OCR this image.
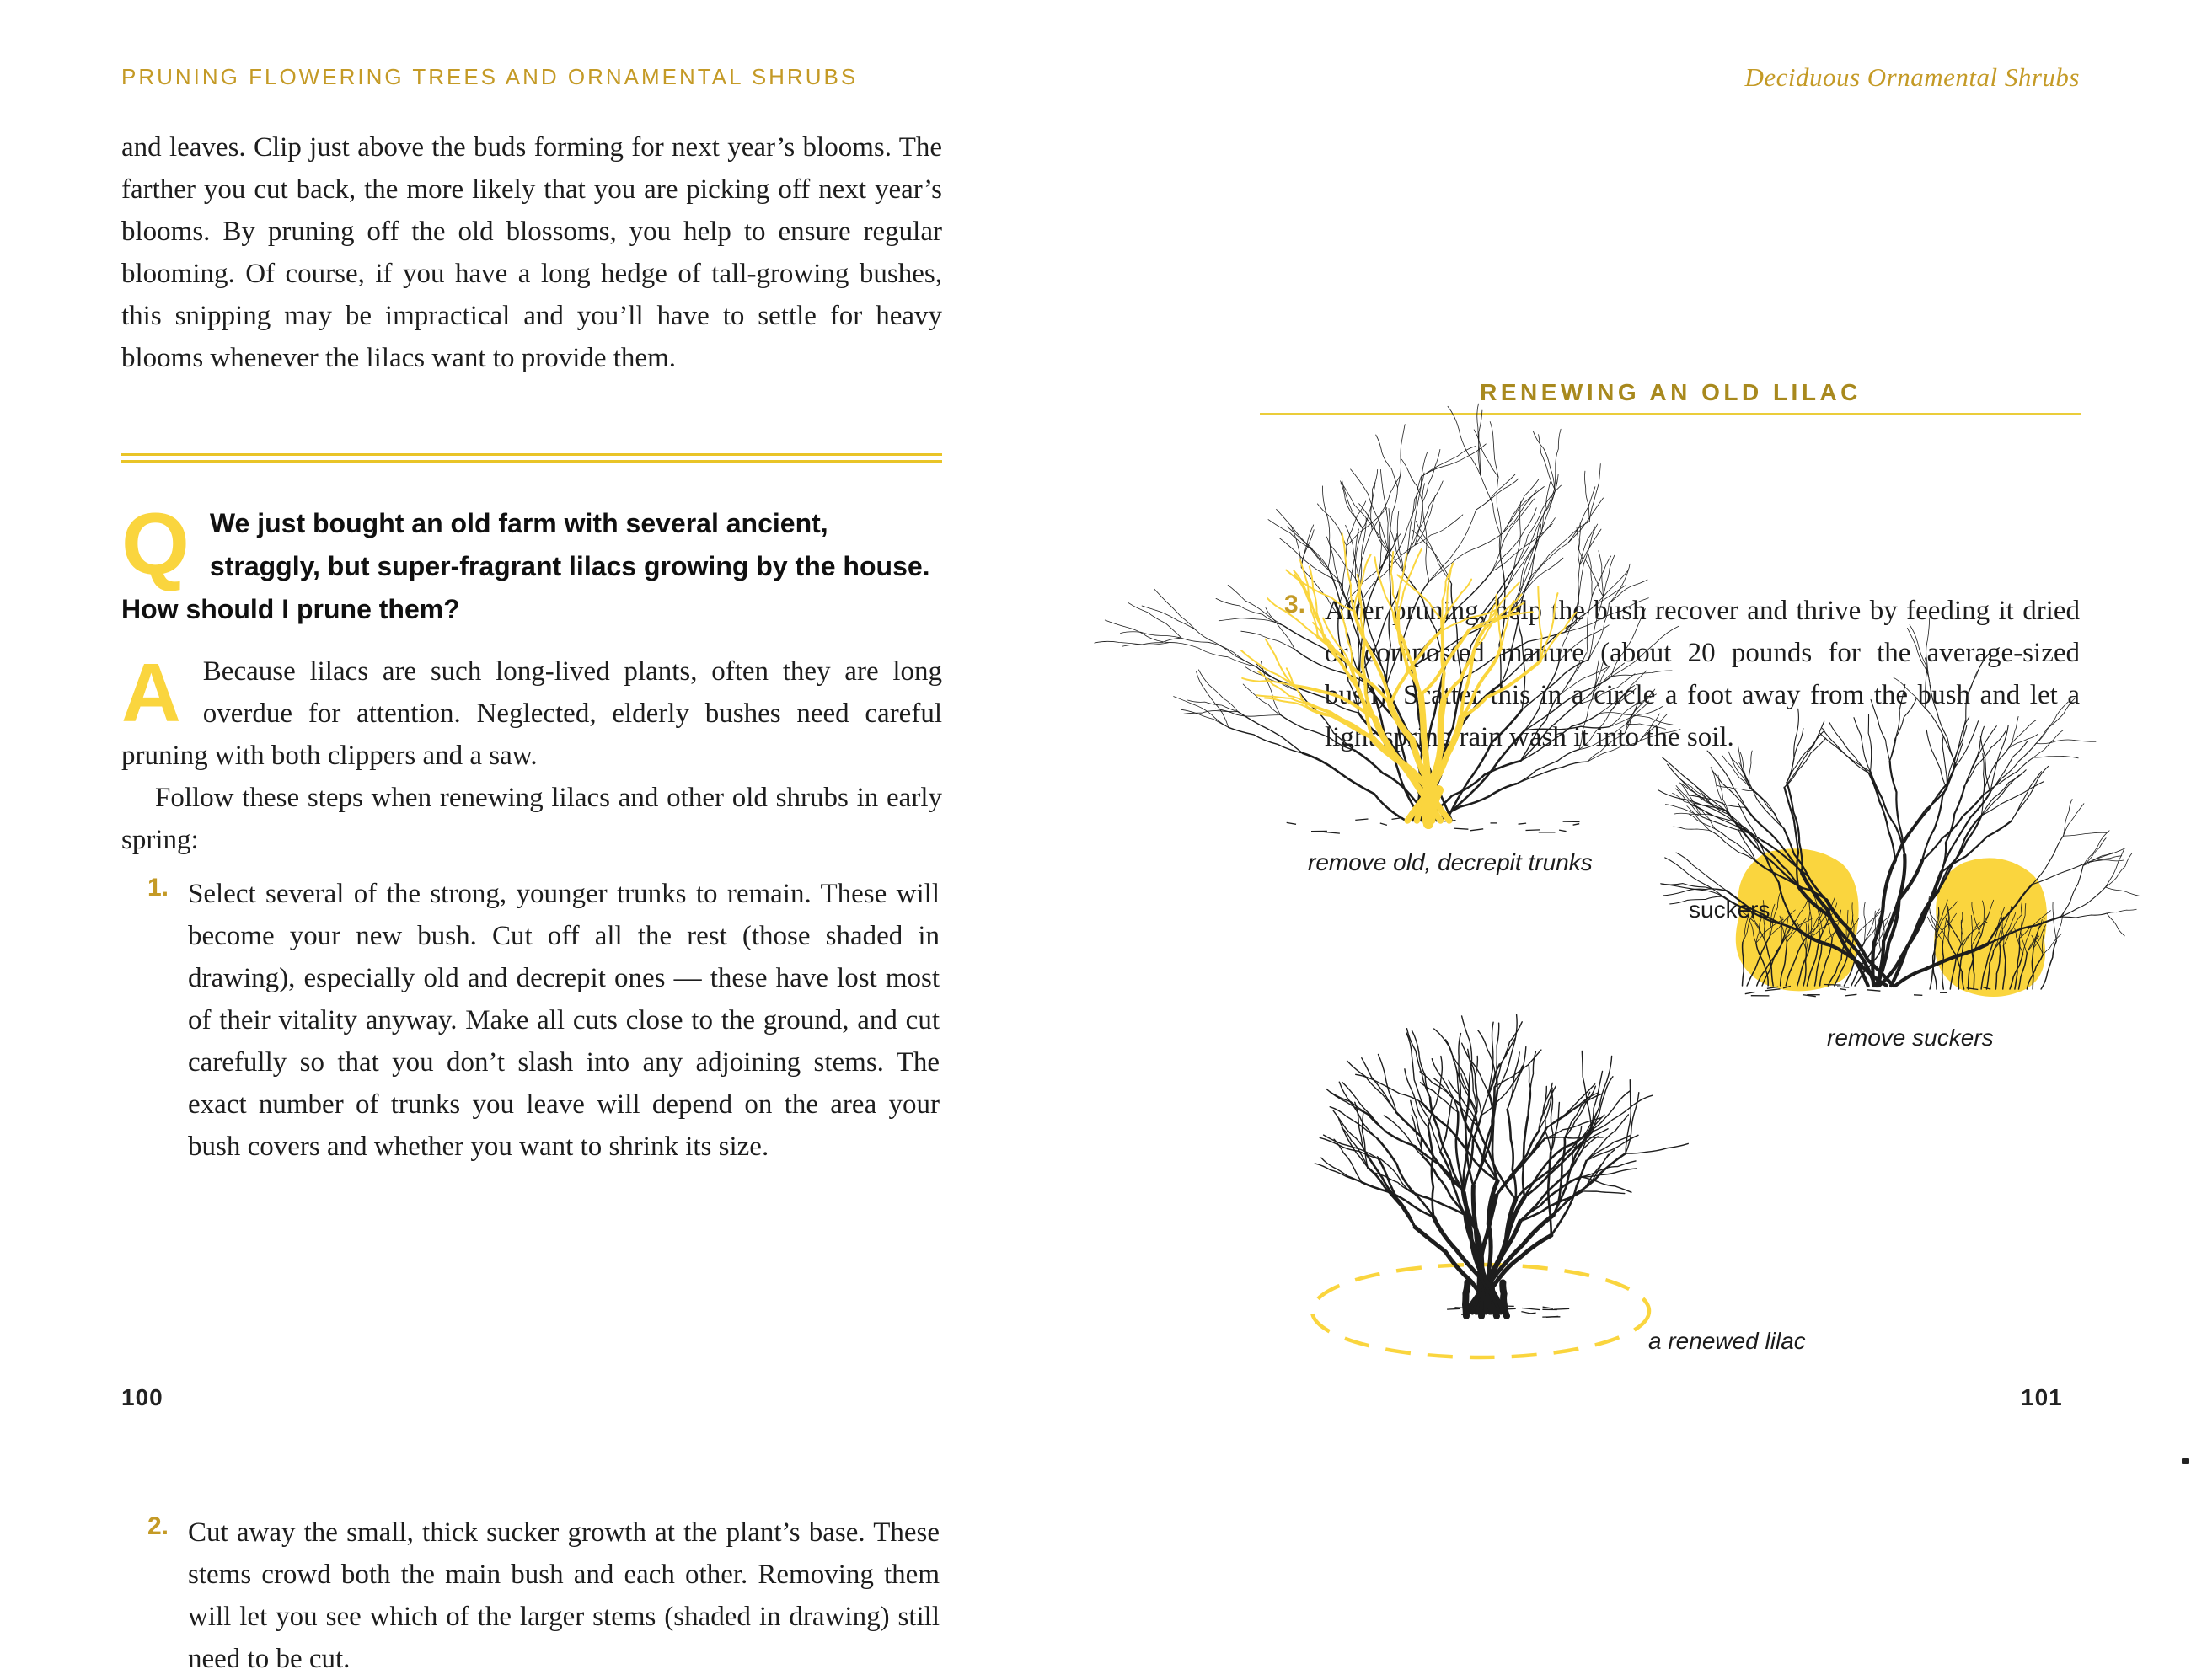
PRUNING FLOWERING TREES AND ORNAMENTAL SHRUBS
and leaves. Clip just above the buds forming for next year’s blooms. The farther you cut back, the more likely that you are picking off next year’s blooms. By pruning off the old blossoms, you help to ensure regular blooming. Of course, if you have a long hedge of tall-growing bushes, this snipping may be impractical and you’ll have to settle for heavy blooms whenever the lilacs want to provide them.
Q We just bought an old farm with several ancient, straggly, but super-fragrant lilacs growing by the house. How should I prune them?
A Because lilacs are such long-lived plants, often they are long overdue for attention. Neglected, elderly bushes need careful pruning with both clippers and a saw.

Follow these steps when renewing lilacs and other old shrubs in early spring:

1. Select several of the strong, younger trunks to remain. These will become your new bush. Cut off all the rest (those shaded in drawing), especially old and decrepit ones — these have lost most of their vitality anyway. Make all cuts close to the ground, and cut carefully so that you don’t slash into any adjoining stems. The exact number of trunks you leave will depend on the area your bush covers and whether you want to shrink its size.
2. Cut away the small, thick sucker growth at the plant’s base. These stems crowd both the main bush and each other. Removing them will let you see which of the larger stems (shaded in drawing) still need to be cut.
100
Deciduous Ornamental Shrubs
3. After pruning, help the bush recover and thrive by feeding it dried or composted manure (about 20 pounds for the average-sized bush). Scatter this in a circle a foot away from the bush and let a light spring rain wash it into the soil.
RENEWING AN OLD LILAC
remove old, decrepit trunks
suckers
remove suckers
a renewed lilac
101
